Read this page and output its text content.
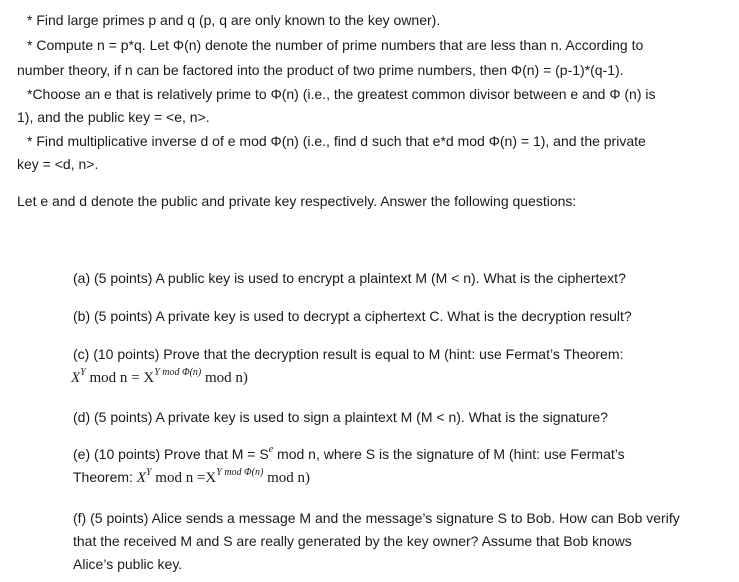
* Find large primes p and q (p, q are only known to the key owner).
* Compute n = p*q. Let Φ(n) denote the number of prime numbers that are less than n. According to
number theory, if n can be factored into the product of two prime numbers, then Φ(n) = (p-1)*(q-1).
*Choose an e that is relatively prime to Φ(n) (i.e., the greatest common divisor between e and Φ (n) is
1), and the public key = <e, n>.
* Find multiplicative inverse d of e mod Φ(n) (i.e., find d such that e*d mod Φ(n) = 1), and the private
key = <d, n>.
Let e and d denote the public and private key respectively. Answer the following questions:
(a) (5 points) A public key is used to encrypt a plaintext M (M < n). What is the ciphertext?
(b) (5 points) A private key is used to decrypt a ciphertext C. What is the decryption result?
(c) (10 points) Prove that the decryption result is equal to M (hint: use Fermat’s Theorem:
$X^Y$ mod $n = X^{Y mod \Phi(n)}$ mod n)
(d) (5 points) A private key is used to sign a plaintext M (M < n). What is the signature?
(e) (10 points) Prove that $M = S^e$ mod n, where S is the signature of M (hint: use Fermat’s
Theorem: $X^Y$ mod $n =X^{Y mod \Phi(n)}$ mod n)
(f) (5 points) Alice sends a message M and the message’s signature S to Bob. How can Bob verify
that the received M and S are really generated by the key owner? Assume that Bob knows
Alice’s public key.
